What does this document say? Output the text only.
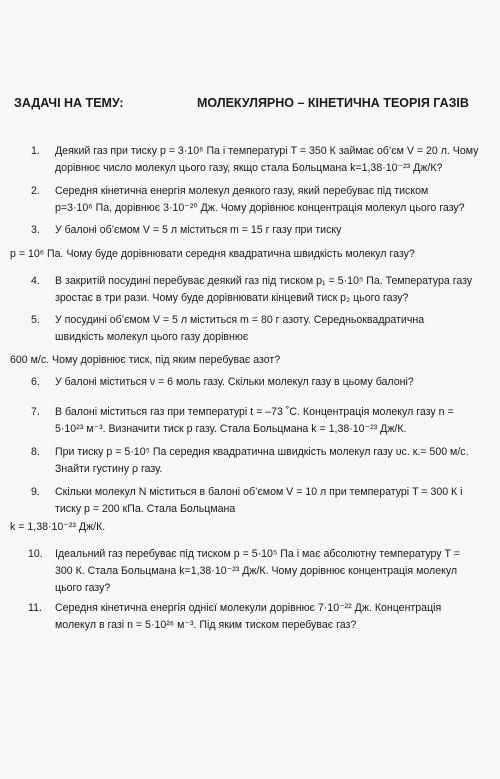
ЗАДАЧІ НА ТЕМУ:	МОЛЕКУЛЯРНО – КІНЕТИЧНА ТЕОРІЯ ГАЗІВ
1. Деякий газ при тиску p = 3·10⁶ Па і температурі T = 350 К займає об’єм V = 20 л. Чому
дорівнює число молекул цього газу, якщо стала Больцмана k=1,38·10⁻²³ Дж/К?
2. Середня кінетична енергія молекул деякого газу, який перебуває під тиском
p=3·10⁶ Па, дорівнює 3·10⁻²⁰ Дж. Чому дорівнює концентрація молекул цього газу?
3. У балоні об’ємом V = 5 л міститься m = 15 г газу при тиску
p = 10⁶ Па. Чому буде дорівнювати середня квадратична швидкість молекул газу?
4. В закритій посудині перебуває деякий газ під тиском p₁ = 5·10⁵ Па. Температура газу
зростає в три рази. Чому буде дорівнювати кінцевий тиск p₂ цього газу?
5. У посудині об’ємом V = 5 л міститься m = 80 г азоту. Середньоквадратична
швидкість молекул цього газу дорівнює
600 м/с. Чому дорівнює тиск, під яким перебуває азот?
6. У балоні міститься ν = 6 моль газу. Скільки молекул газу в цьому балоні?
7. В балоні міститься газ при температурі t = –73 ˚С. Концентрація молекул газу n =
5·10²³ м⁻³. Визначити тиск p газу. Стала Больцмана k = 1,38·10⁻²³ Дж/К.
8. При тиску p = 5·10⁵ Па середня квадратична швидкість молекул газу υс. к.= 500 м/с.
Знайти густину ρ газу.
9. Скільки молекул N міститься в балоні об’ємом V = 10 л при температурі T = 300 К і
тиску p = 200 кПа. Стала Больцмана
k = 1,38·10⁻²³ Дж/К.
10. Ідеальний газ перебуває під тиском p = 5·10⁵ Па і має абсолютну температуру T =
300 К. Стала Больцмана k=1,38·10⁻²³ Дж/К. Чому дорівнює концентрація молекул
цього газу?
11. Середня кінетична енергія однієї молекули дорівнює 7·10⁻²² Дж. Концентрація
молекул в газі n = 5·10²⁶ м⁻³. Під яким тиском перебуває газ?
